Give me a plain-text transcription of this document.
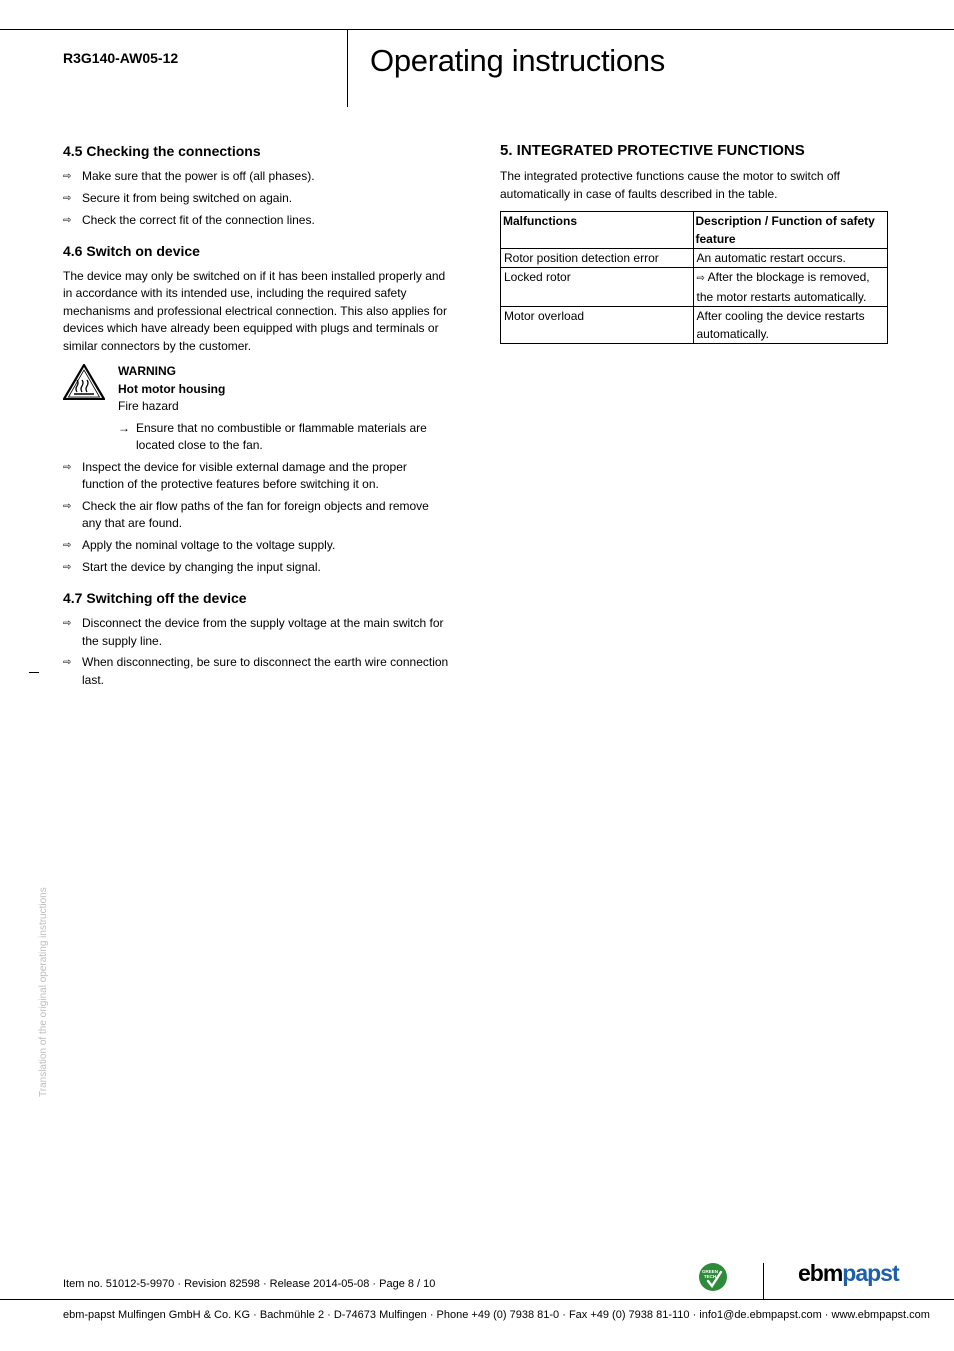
R3G140-AW05-12	Operating instructions
4.5 Checking the connections
⇨ Make sure that the power is off (all phases).
⇨ Secure it from being switched on again.
⇨ Check the correct fit of the connection lines.
4.6 Switch on device

The device may only be switched on if it has been installed properly and in accordance with its intended use, including the required safety mechanisms and professional electrical connection. This also applies for devices which have already been equipped with plugs and terminals or similar connectors by the customer.

WARNING
Hot motor housing
Fire hazard
→ Ensure that no combustible or flammable materials are located close to the fan.
⇨ Inspect the device for visible external damage and the proper function of the protective features before switching it on.
⇨ Check the air flow paths of the fan for foreign objects and remove any that are found.
⇨ Apply the nominal voltage to the voltage supply.
⇨ Start the device by changing the input signal.
4.7 Switching off the device
⇨ Disconnect the device from the supply voltage at the main switch for the supply line.
⇨ When disconnecting, be sure to disconnect the earth wire connection last.
5. INTEGRATED PROTECTIVE FUNCTIONS

The integrated protective functions cause the motor to switch off automatically in case of faults described in the table.

Malfunctions	Description / Function of safety feature
Rotor position detection error	An automatic restart occurs.
Locked rotor	⇨ After the blockage is removed, the motor restarts automatically.
Motor overload	After cooling the device restarts automatically.
Translation of the original operating instructions
Item no. 51012-5-9970 · Revision 82598 · Release 2014-05-08 · Page 8 / 10
GREEN
TECH	ebmpapst
ebm-papst Mulfingen GmbH & Co. KG · Bachmühle 2 · D-74673 Mulfingen · Phone +49 (0) 7938 81-0 · Fax +49 (0) 7938 81-110 · info1@de.ebmpapst.com · www.ebmpapst.com
